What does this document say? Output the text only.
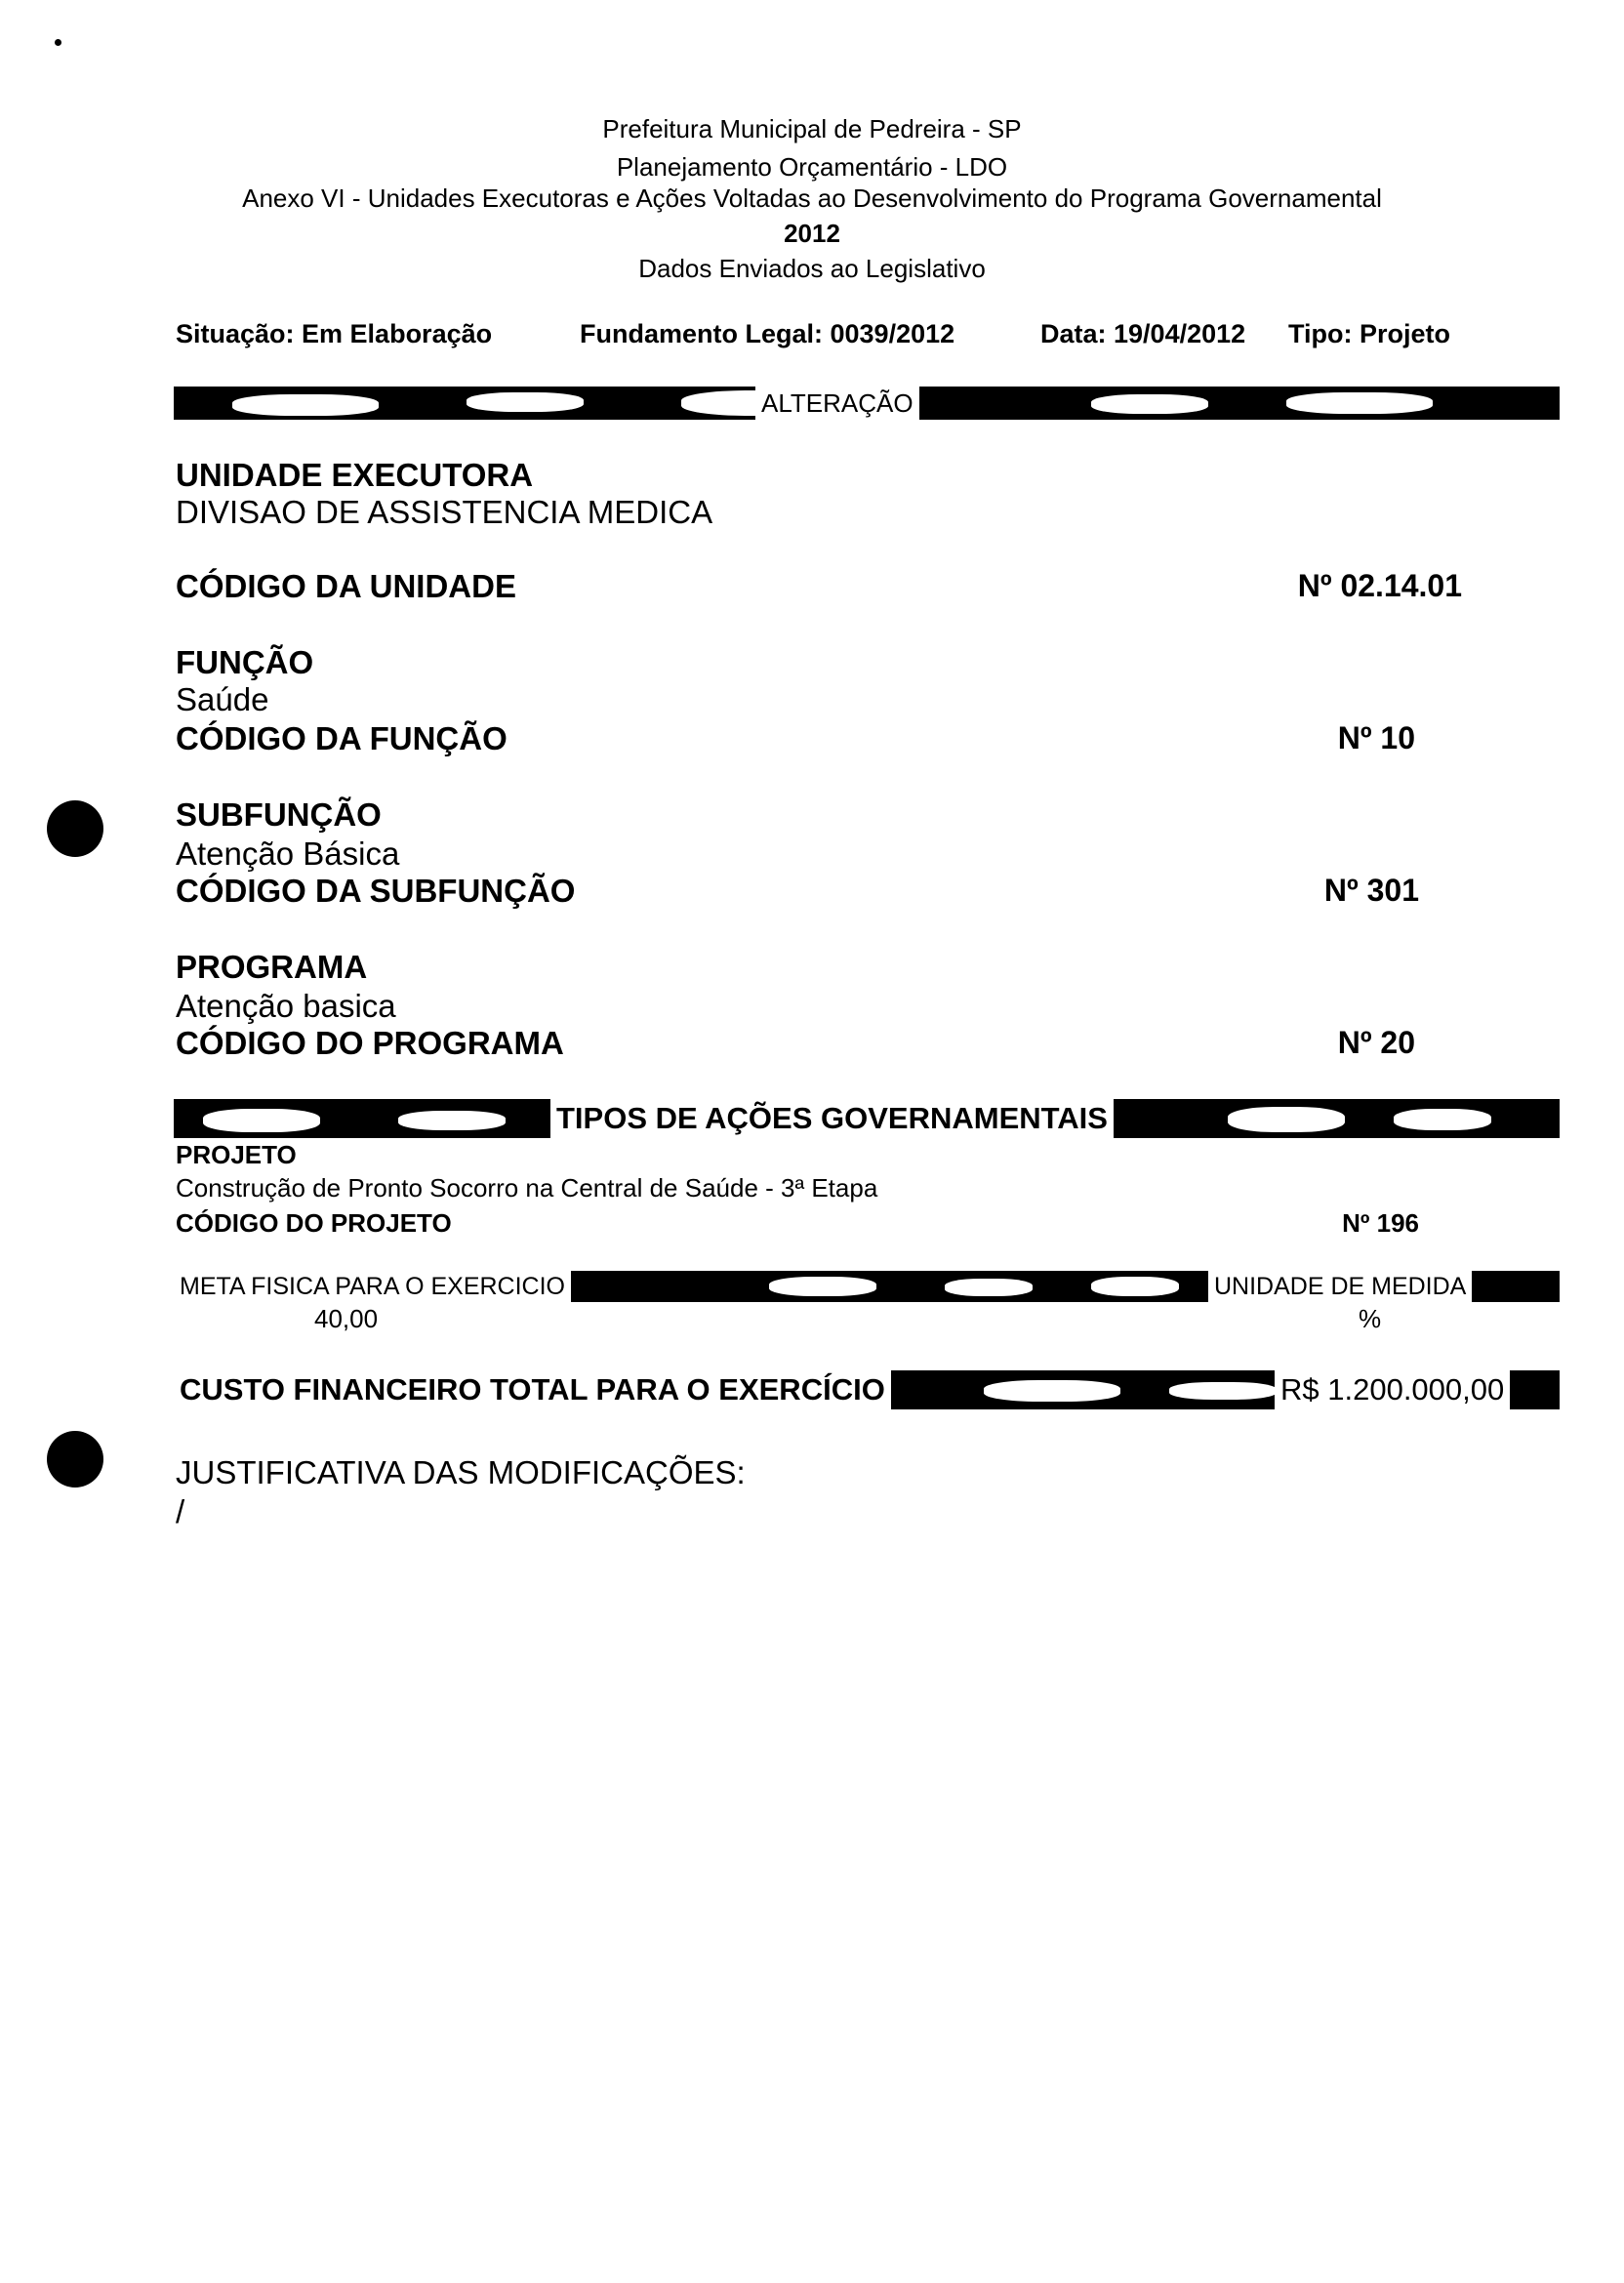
Prefeitura Municipal de Pedreira - SP
Planejamento Orçamentário - LDO
Anexo VI - Unidades Executoras e Ações Voltadas ao Desenvolvimento do Programa Governamental
2012
Dados Enviados ao Legislativo
Situação: Em Elaboração	Fundamento Legal: 0039/2012	Data: 19/04/2012 Tipo: Projeto
ALTERAÇÃO
UNIDADE EXECUTORA
DIVISAO DE ASSISTENCIA MEDICA
CÓDIGO DA UNIDADE	Nº 02.14.01
FUNÇÃO
Saúde
CÓDIGO DA FUNÇÃO	Nº 10
SUBFUNÇÃO
Atenção Básica
CÓDIGO DA SUBFUNÇÃO	Nº 301
PROGRAMA
Atenção basica
CÓDIGO DO PROGRAMA	Nº 20
TIPOS DE AÇÕES GOVERNAMENTAIS
PROJETO
Construção de Pronto Socorro na Central de Saúde - 3ª Etapa
CÓDIGO DO PROJETO	Nº 196
META FISICA PARA O EXERCICIO	UNIDADE DE MEDIDA
40,00	%
CUSTO FINANCEIRO TOTAL PARA O EXERCÍCIO	R$ 1.200.000,00
JUSTIFICATIVA DAS MODIFICAÇÕES:
/
